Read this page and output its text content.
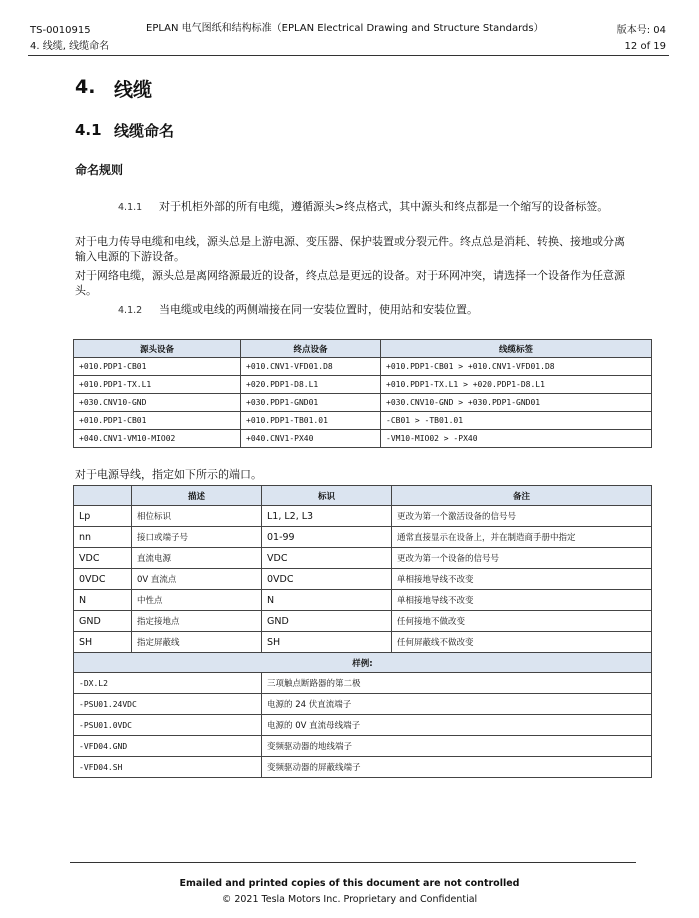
TS-0010915	EPLAN 电气图纸和结构标准（EPLAN Electrical Drawing and Structure Standards）	版本号: 04
4. 线缆, 线缆命名	12 of 19
4. 线缆
4.1 线缆命名
命名规则
4.1.1 对于机柜外部的所有电缆，遵循源头>终点格式，其中源头和终点都是一个缩写的设备标签。
对于电力传导电缆和电线，源头总是上游电源、变压器、保护装置或分裂元件。终点总是消耗、转换、接地或分离输入电源的下游设备。
对于网络电缆，源头总是离网络源最近的设备，终点总是更远的设备。对于环网冲突，请选择一个设备作为任意源头。
4.1.2 当电缆或电线的两侧端接在同一安装位置时，使用站和安装位置。
源头设备	终点设备	线缆标签
+010.PDP1-CB01	+010.CNV1-VFD01.D8	+010.PDP1-CB01 > +010.CNV1-VFD01.D8
+010.PDP1-TX.L1	+020.PDP1-D8.L1	+010.PDP1-TX.L1 > +020.PDP1-D8.L1
+030.CNV10-GND	+030.PDP1-GND01	+030.CNV10-GND > +030.PDP1-GND01
+010.PDP1-CB01	+010.PDP1-TB01.01	-CB01 > -TB01.01
+040.CNV1-VM10-MIO02	+040.CNV1-PX40	-VM10-MIO02 > -PX40
对于电源导线，指定如下所示的端口。
	描述	标识	备注
Lp	相位标识	L1, L2, L3	更改为第一个激活设备的信号号
nn	接口或端子号	01-99	通常直接显示在设备上，并在制造商手册中指定
VDC	直流电源	VDC	更改为第一个设备的信号号
0VDC	0V 直流点	0VDC	单相接地导线不改变
N	中性点	N	单相接地导线不改变
GND	指定接地点	GND	任何接地不做改变
SH	指定屏蔽线	SH	任何屏蔽线不做改变
样例:			
-DX.L2		三项触点断路器的第二极	
-PSU01.24VDC		电源的 24 伏直流端子	
-PSU01.0VDC		电源的 0V 直流母线端子	
-VFD04.GND		变频驱动器的地线端子	
-VFD04.SH		变频驱动器的屏蔽线端子	
Emailed and printed copies of this document are not controlled
© 2021 Tesla Motors Inc. Proprietary and Confidential
